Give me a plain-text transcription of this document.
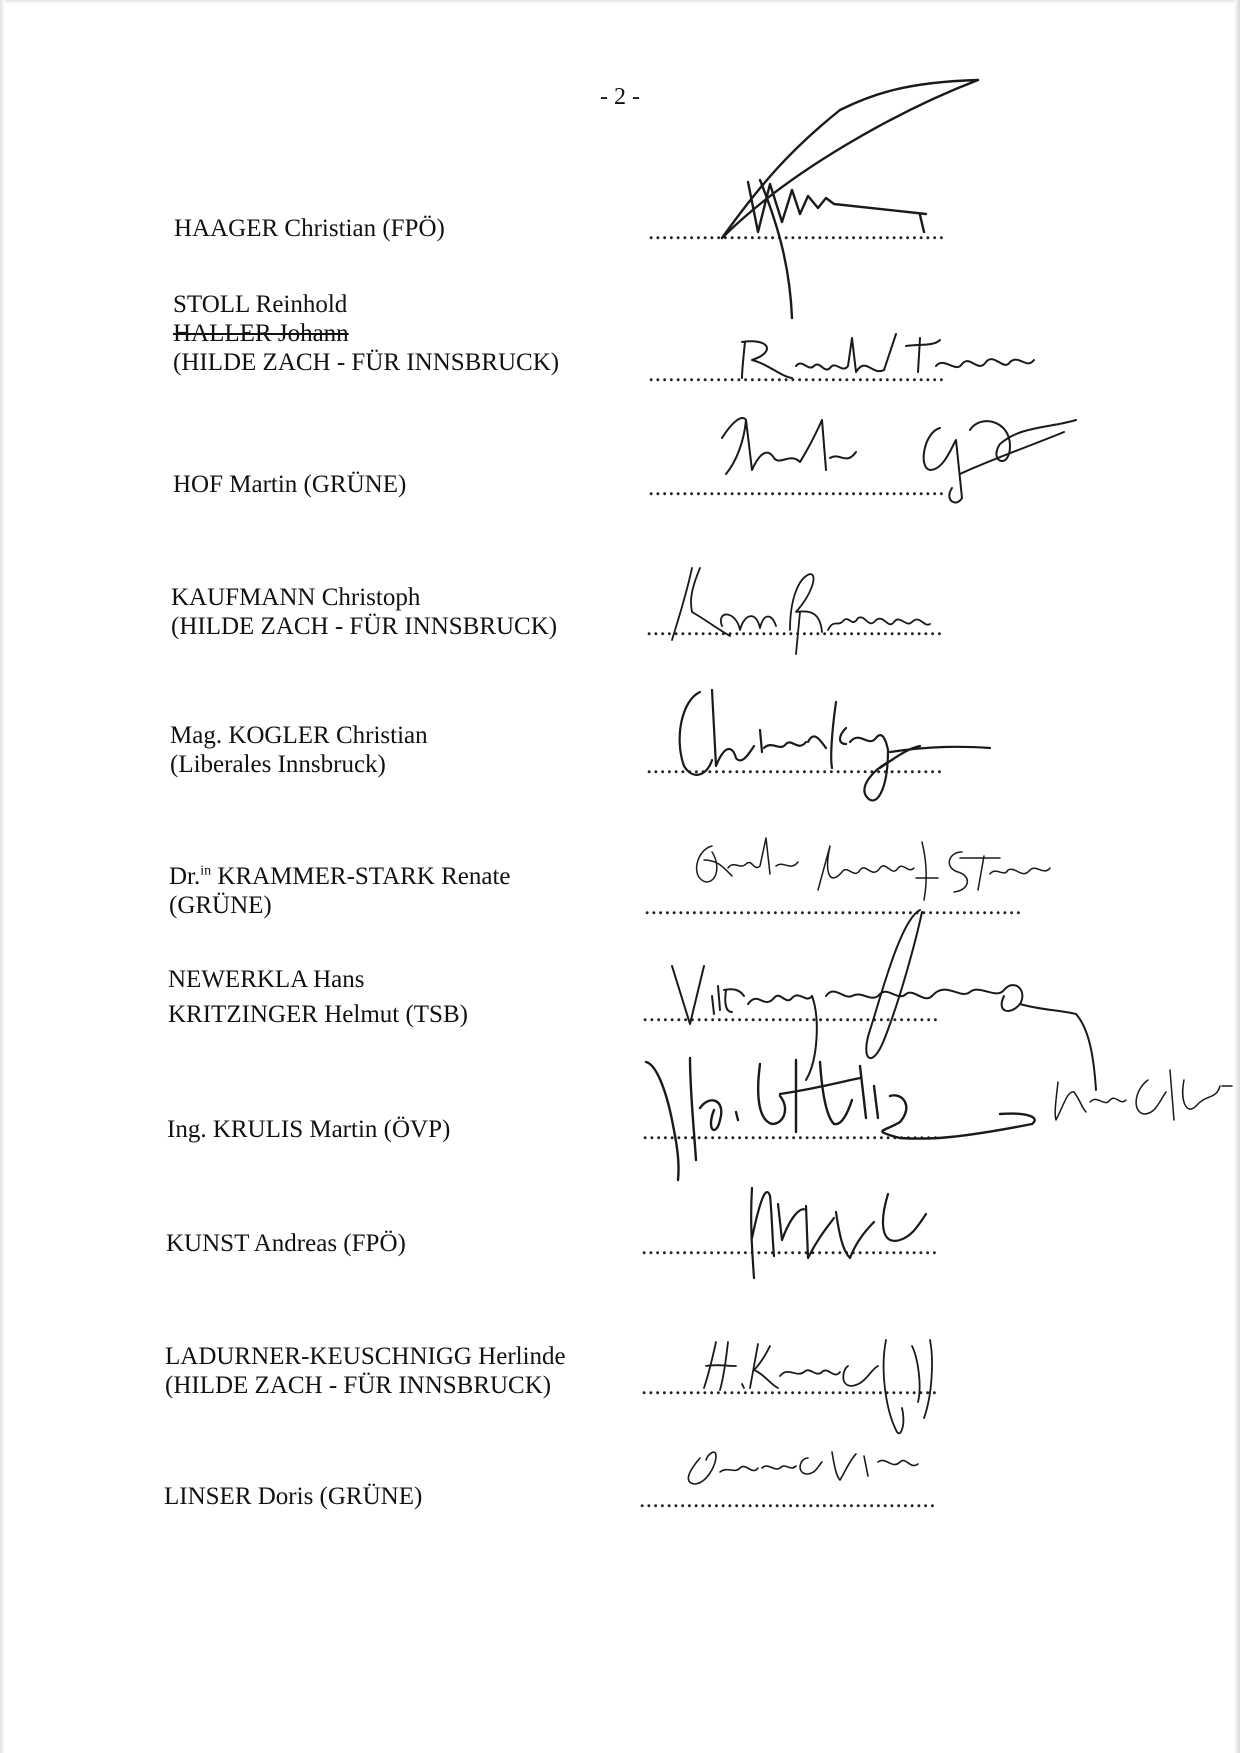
- 2 -
HAAGER Christian (FPÖ)	............................................
STOLL Reinhold
HALLER Johann
(HILDE ZACH - FÜR INNSBRUCK)	............................................
HOF Martin (GRÜNE)	............................................
KAUFMANN Christoph
(HILDE ZACH - FÜR INNSBRUCK)	............................................
Mag. KOGLER Christian
(Liberales Innsbruck)	............................................
Dr.$^{in}$ KRAMMER-STARK Renate
(GRÜNE)	........................................................
NEWERKLA Hans
KRITZINGER Helmut (TSB)	............................................
Ing. KRULIS Martin (ÖVP)	............................................
KUNST Andreas (FPÖ)	............................................
LADURNER-KEUSCHNIGG Herlinde
(HILDE ZACH - FÜR INNSBRUCK)	............................................
LINSER Doris (GRÜNE)	............................................
